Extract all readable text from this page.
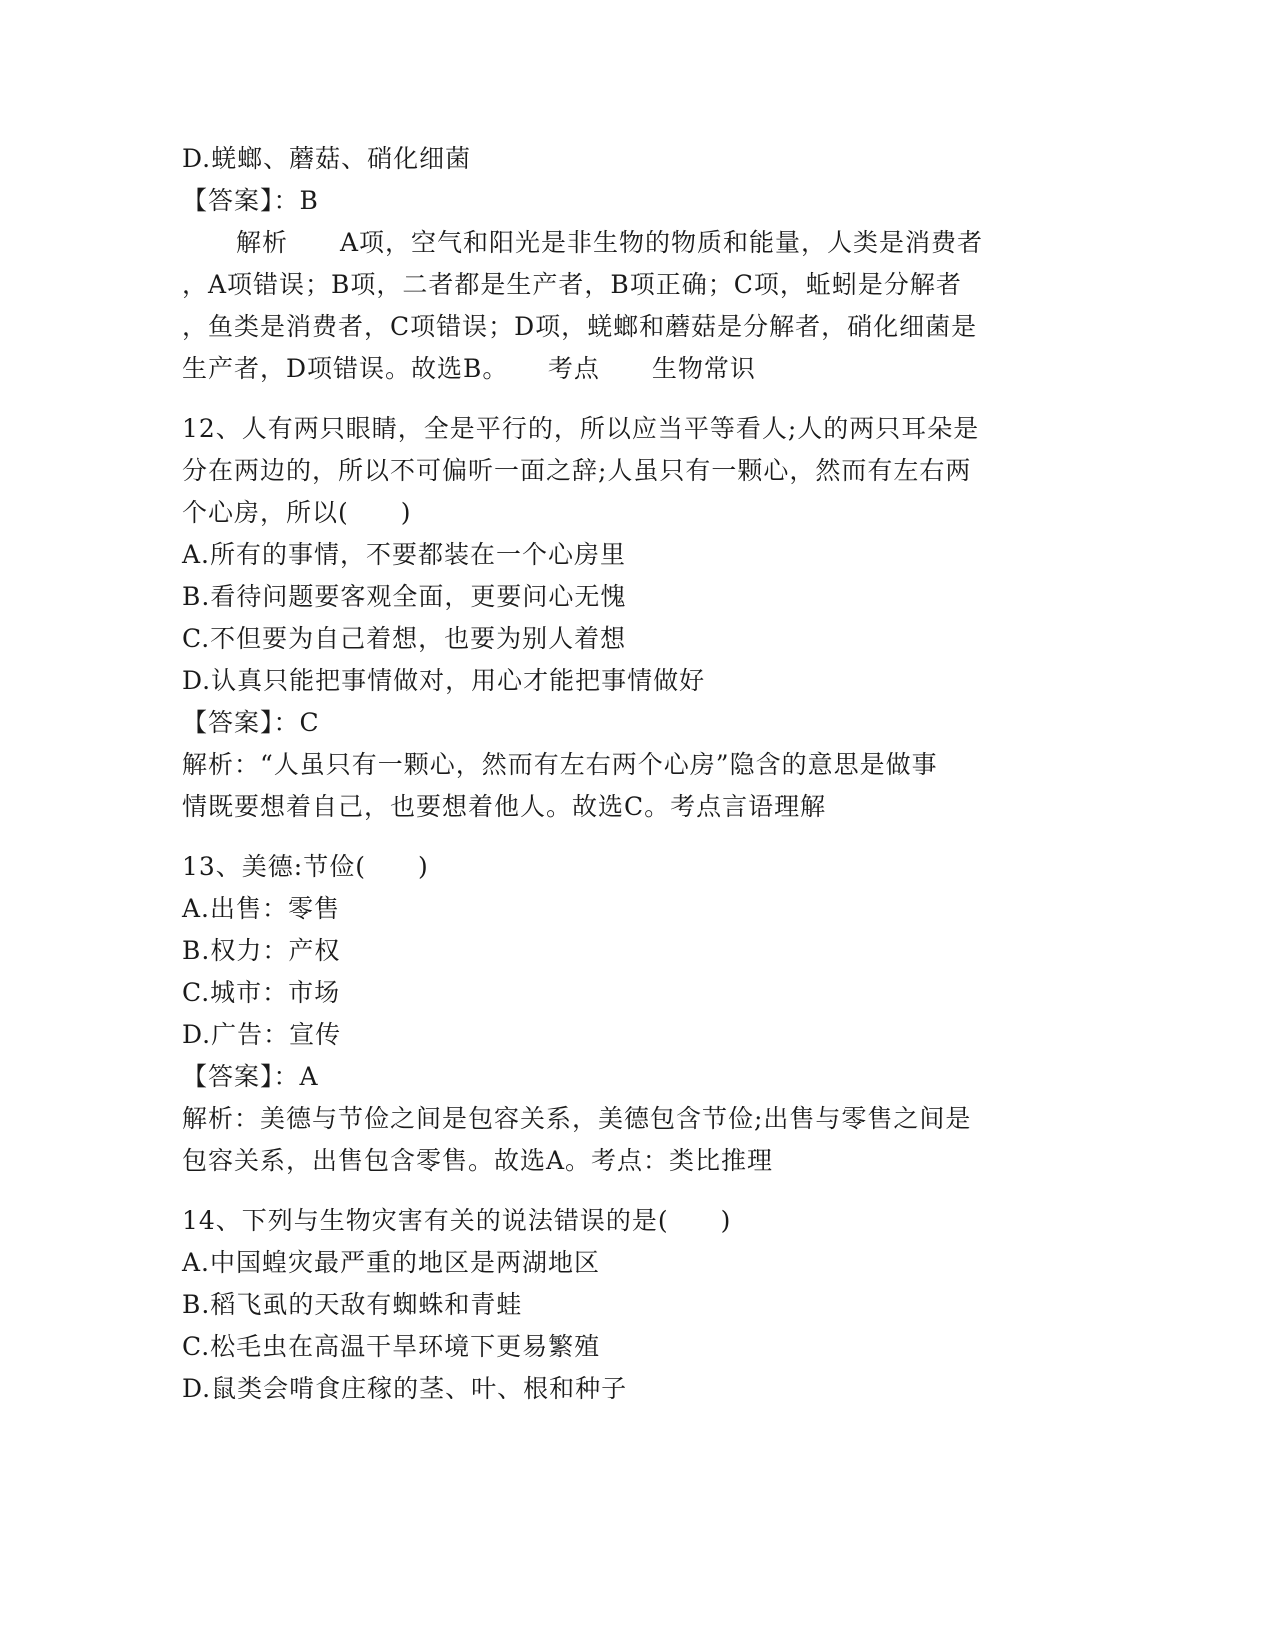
D.蜣螂、蘑菇、硝化细菌
【答案】：B
解析　　A项，空气和阳光是非生物的物质和能量，人类是消费者
，A项错误；B项，二者都是生产者，B项正确；C项，蚯蚓是分解者
，鱼类是消费者，C项错误；D项，蜣螂和蘑菇是分解者，硝化细菌是
生产者，D项错误。故选B。　　考点　　生物常识
12、人有两只眼睛，全是平行的，所以应当平等看人;人的两只耳朵是
分在两边的，所以不可偏听一面之辞;人虽只有一颗心，然而有左右两
个心房，所以(　　)
A.所有的事情，不要都装在一个心房里
B.看待问题要客观全面，更要问心无愧
C.不但要为自己着想，也要为别人着想
D.认真只能把事情做对，用心才能把事情做好
【答案】：C
解析：“人虽只有一颗心，然而有左右两个心房”隐含的意思是做事
情既要想着自己，也要想着他人。故选C。考点言语理解
13、美德:节俭(　　)
A.出售：零售
B.权力：产权
C.城市：市场
D.广告：宣传
【答案】：A
解析：美德与节俭之间是包容关系，美德包含节俭;出售与零售之间是
包容关系，出售包含零售。故选A。考点：类比推理
14、下列与生物灾害有关的说法错误的是(　　)
A.中国蝗灾最严重的地区是两湖地区
B.稻飞虱的天敌有蜘蛛和青蛙
C.松毛虫在高温干旱环境下更易繁殖
D.鼠类会啃食庄稼的茎、叶、根和种子
